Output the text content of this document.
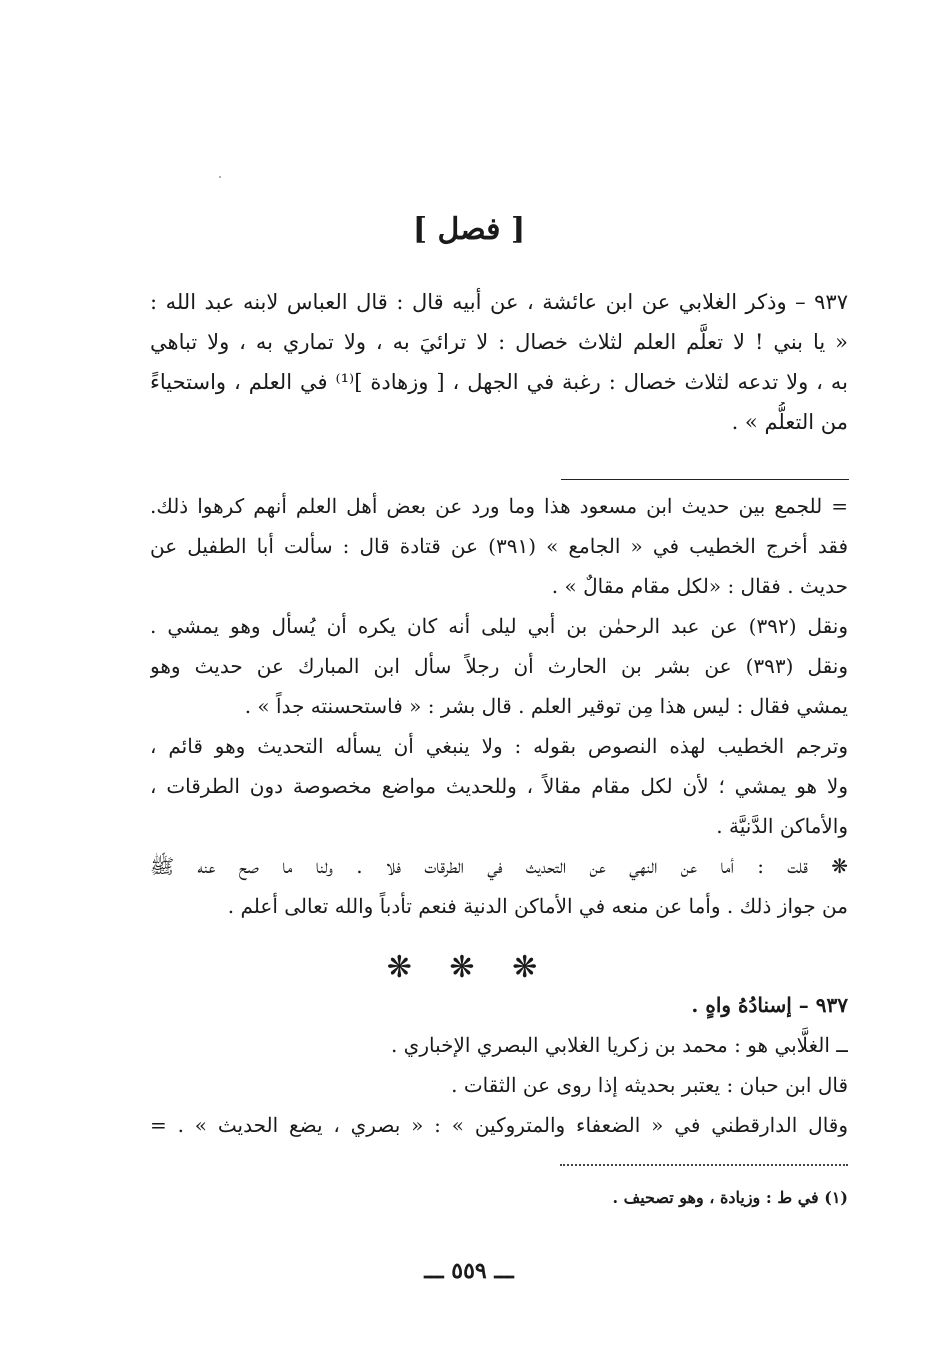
[ فصل ]
٩٣٧ – وذكر الغلابي عن ابن عائشة ، عن أبيه قال : قال العباس لابنه عبد الله :
« يا بني ! لا تعلَّم العلم لثلاث خصال : لا ترائيَ به ، ولا تماري به ، ولا تباهي
به ، ولا تدعه لثلاث خصال : رغبة في الجهل ، [ وزهادة ]⁽¹⁾ في العلم ، واستحياءً
من التعلُّم » .
= للجمع بين حديث ابن مسعود هذا وما ورد عن بعض أهل العلم أنهم كرهوا ذلك.
فقد أخرج الخطيب في « الجامع » (٣٩١) عن قتادة قال : سألت أبا الطفيل عن
حديث . فقال : «لكل مقام مقالٌ » .
ونقل (٣٩٢) عن عبد الرحمٰن بن أبي ليلى أنه كان يكره أن يُسأل وهو يمشي .
ونقل (٣٩٣) عن بشر بن الحارث أن رجلاً سأل ابن المبارك عن حديث وهو
يمشي فقال : ليس هذا مِن توقير العلم . قال بشر : « فاستحسنته جداً » .
وترجم الخطيب لهذه النصوص بقوله : ولا ينبغي أن يسأله التحديث وهو قائم ،
ولا هو يمشي ؛ لأن لكل مقام مقالاً ، وللحديث مواضع مخصوصة دون الطرقات ،
والأماكن الدَّنيَّة .
❋ قلت : أما عن النهي عن التحديث في الطرقات فلا . ولنا ما صح عنه ﷺ
من جواز ذلك . وأما عن منعه في الأماكن الدنية فنعم تأدباً والله تعالى أعلم .
❋ ❋ ❋
٩٣٧ – إسنادُهُ واهٍ .
ــ الغلَّابي هو : محمد بن زكريا الغلابي البصري الإخباري .
قال ابن حبان : يعتبر بحديثه إذا روى عن الثقات .
وقال الدارقطني في « الضعفاء والمتروكين » : « بصري ، يضع الحديث » . =
(١) في ط : وزيادة ، وهو تصحيف .
ـــ ٥٥٩ ـــ
